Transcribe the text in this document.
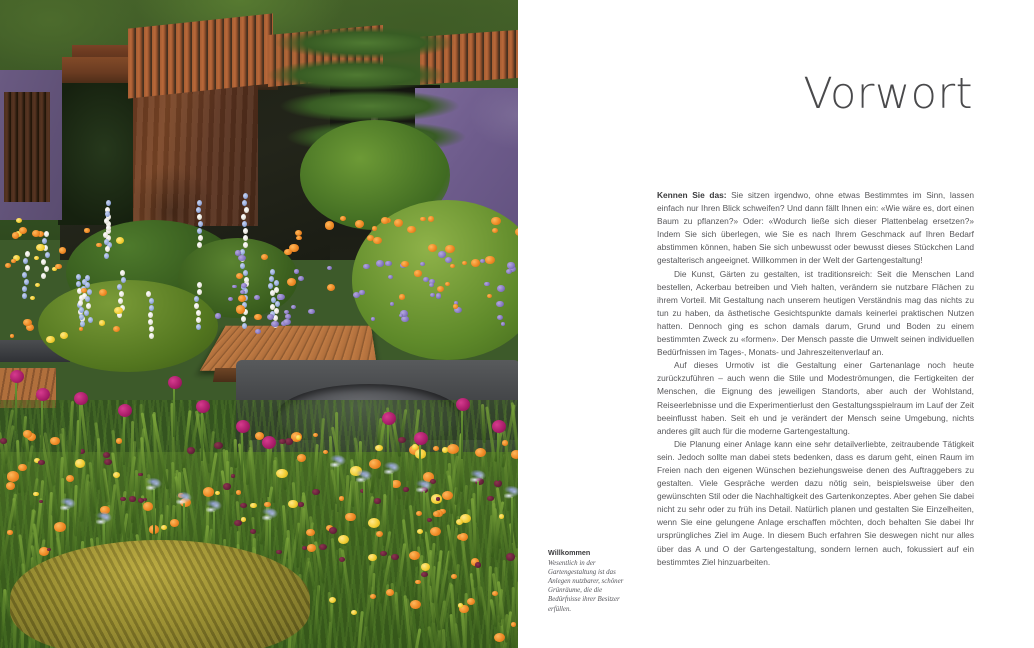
Vorwort

Kennen Sie das: Sie sitzen irgendwo, ohne etwas Bestimmtes im Sinn, lassen einfach nur Ihren Blick schweifen? Und dann fällt Ihnen ein: «Wie wäre es, dort einen Baum zu pflanzen?» Oder: «Wodurch ließe sich dieser Plattenbelag ersetzen?» Indem Sie sich überlegen, wie Sie es nach Ihrem Geschmack auf Ihren Bedarf abstimmen können, haben Sie sich unbewusst oder bewusst dieses Stückchen Land gestalterisch angeeignet. Willkommen in der Welt der Gartengestaltung!

Die Kunst, Gärten zu gestalten, ist traditionsreich: Seit die Menschen Land bestellen, Ackerbau betreiben und Vieh halten, verändern sie nutzbare Flächen zu ihrem Vorteil. Mit Gestaltung nach unserem heutigen Verständnis mag das nichts zu tun zu haben, da ästhetische Gesichtspunkte damals keinerlei praktischen Nutzen hatten. Dennoch ging es schon damals darum, Grund und Boden zu einem bestimmten Zweck zu «formen». Der Mensch passte die Umwelt seinen individuellen Bedürfnissen im Tages-, Monats- und Jahreszeitenverlauf an.

Auf dieses Urmotiv ist die Gestaltung einer Gartenanlage noch heute zurückzuführen – auch wenn die Stile und Modeströmungen, die Fertigkeiten der Menschen, die Eignung des jeweiligen Standorts, aber auch der Wohlstand, Reiseerlebnisse und die Experimentierlust den Gestaltungsspielraum im Lauf der Zeit beeinflusst haben. Seit eh und je verändert der Mensch seine Umgebung, nichts anderes gilt auch für die moderne Gartengestaltung.

Die Planung einer Anlage kann eine sehr detailverliebte, zeitraubende Tätigkeit sein. Jedoch sollte man dabei stets bedenken, dass es darum geht, einen Raum im Freien nach den eigenen Wünschen beziehungsweise denen des Auftraggebers zu gestalten. Viele Gespräche werden dazu nötig sein, beispielsweise über den gewünschten Stil oder die Nachhaltigkeit des Gartenkonzeptes. Aber gehen Sie dabei nicht zu sehr oder zu früh ins Detail. Natürlich planen und gestalten Sie Einzelheiten, wenn Sie eine gelungene Anlage erschaffen möchten, doch behalten Sie dabei Ihr ursprüngliches Ziel im Auge. In diesem Buch erfahren Sie deswegen nicht nur alles über das A und O der Gartengestaltung, sondern lernen auch, fokussiert auf ein bestimmtes Ziel hinzuarbeiten.

Willkommen
Wesentlich in der Gartengestaltung ist das Anlegen nutzbarer, schöner Grünräume, die die Bedürfnisse ihrer Besitzer erfüllen.
